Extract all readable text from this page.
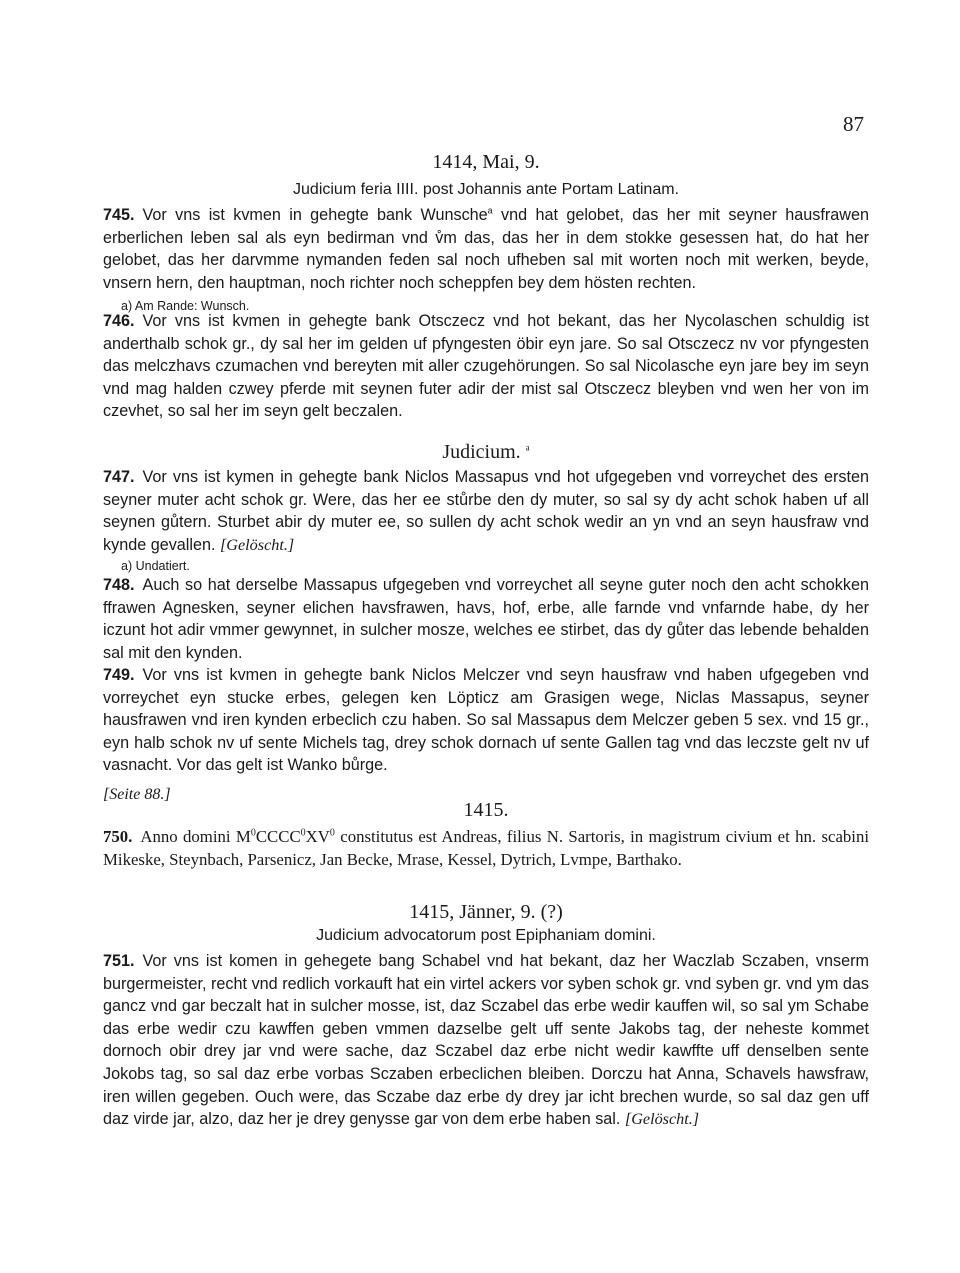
87

1414, Mai, 9.

Judicium feria IIII. post Johannis ante Portam Latinam.

745. Vor vns ist kvmen in gehegte bank Wunsche$^a$ vnd hat gelobet, das her mit seyner hausfrawen erberlichen leben sal als eyn bedirman vnd v̊m das, das her in dem stokke gesessen hat, do hat her gelobet, das her darvmme nymanden feden sal noch ufheben sal mit worten noch mit werken, beyde, vnsern hern, den hauptman, noch richter noch scheppfen bey dem hösten rechten.

a) Am Rande: Wunsch.

746. Vor vns ist kvmen in gehegte bank Otsczecz vnd hot bekant, das her Nycolaschen schuldig ist anderthalb schok gr., dy sal her im gelden uf pfyngesten öbir eyn jare. So sal Otsczecz nv vor pfyngesten das melczhavs czumachen vnd bereyten mit aller czugehörungen. So sal Nicolasche eyn jare bey im seyn vnd mag halden czwey pferde mit seynen futer adir der mist sal Otsczecz bleyben vnd wen her von im czevhet, so sal her im seyn gelt beczalen.

Judicium. $^a$

747. Vor vns ist kymen in gehegte bank Niclos Massapus vnd hot ufgegeben vnd vorreychet des ersten seyner muter acht schok gr. Were, das her ee stůrbe den dy muter, so sal sy dy acht schok haben uf all seynen gůtern. Sturbet abir dy muter ee, so sullen dy acht schok wedir an yn vnd an seyn hausfraw vnd kynde gevallen. [Gelöscht.]

a) Undatiert.

748. Auch so hat derselbe Massapus ufgegeben vnd vorreychet all seyne guter noch den acht schokken ffrawen Agnesken, seyner elichen havsfrawen, havs, hof, erbe, alle farnde vnd vnfarnde habe, dy her iczunt hot adir vmmer gewynnet, in sulcher mosze, welches ee stirbet, das dy gůter das lebende behalden sal mit den kynden.

749. Vor vns ist kvmen in gehegte bank Niclos Melczer vnd seyn hausfraw vnd haben ufgegeben vnd vorreychet eyn stucke erbes, gelegen ken Löpticz am Grasigen wege, Niclas Massapus, seyner hausfrawen vnd iren kynden erbeclich czu haben. So sal Massapus dem Melczer geben 5 sex. vnd 15 gr., eyn halb schok nv uf sente Michels tag, drey schok dornach uf sente Gallen tag vnd das leczste gelt nv uf vasnacht. Vor das gelt ist Wanko bůrge.

[Seite 88.]

1415.

750. Anno domini $M^0CCCC^0XV^0$ constitutus est Andreas, filius N. Sartoris, in magistrum civium et hn. scabini Mikeske, Steynbach, Parsenicz, Jan Becke, Mrase, Kessel, Dytrich, Lvmpe, Barthako.

1415, Jänner, 9. (?)

Judicium advocatorum post Epiphaniam domini.

751. Vor vns ist komen in gehegete bang Schabel vnd hat bekant, daz her Waczlab Sczaben, vnserm burgermeister, recht vnd redlich vorkauft hat ein virtel ackers vor syben schok gr. vnd syben gr. vnd ym das gancz vnd gar beczalt hat in sulcher mosse, ist, daz Sczabel das erbe wedir kauffen wil, so sal ym Schabe das erbe wedir czu kawffen geben vmmen dazselbe gelt uff sente Jakobs tag, der neheste kommet dornoch obir drey jar vnd were sache, daz Sczabel daz erbe nicht wedir kawffte uff denselben sente Jokobs tag, so sal daz erbe vorbas Sczaben erbeclichen bleiben. Dorczu hat Anna, Schavels hawsfraw, iren willen gegeben. Ouch were, das Sczabe daz erbe dy drey jar icht brechen wurde, so sal daz gen uff daz virde jar, alzo, daz her je drey genysse gar von dem erbe haben sal. [Gelöscht.]
